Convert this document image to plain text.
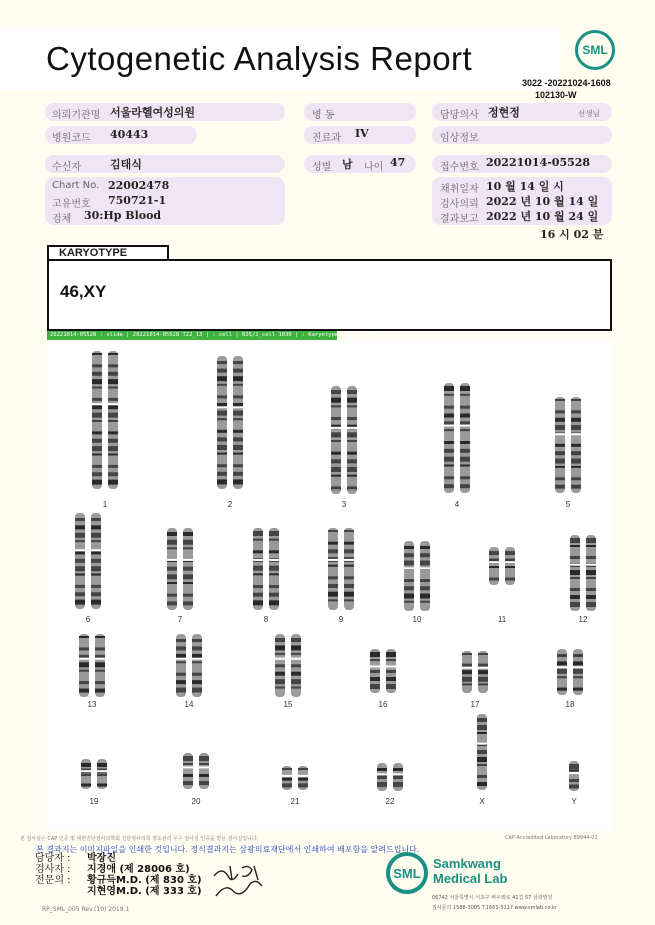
Cytogenetic Analysis Report	SML
3022 -20221024-1608
102130-W
의뢰기관명 서울라헬여성의원
병원코드 40443
수신자	김태식
Chart No. 22002478
고유번호 750721-1
검체 30:Hp Blood
병 동
진료과 IV
성별 남 나이 47
담당의사 정현정	선생님
임상정보
접수번호 20221014-05528
채취일자 10 월 14 일 시
검사의뢰 2022 년 10 월 14 일
결과보고 2022 년 10 월 24 일
16 시 02 분
KARYOTYPE
46,XY
20221014-05528 : slide | 20221014-05528 T22_13 | : cell | N35/2_cell 1030 | : Karyotype (1232 x 912)
1	2	3	4	5
6	7	8	9	10	11	12
13	14	15	16	17	18
19	20	21	22	X	Y
본 검사실은 CAP 인증 및 대한진단검사의학회 진단검사의학 정도관리 우수 검사실 인증을 받은 검사실입니다.	CAP Accredited Laboratory 89944-01
본 결과지는 이미지파일을 인쇄한 것입니다. 정식결과지는 삼광의료재단에서 인쇄하여 배포함을 알려드립니다.
담당자 :
검사자 :
전문의 :
박장진
지경애 (제 28006 호)
황규득M.D. (제 830 호)
지현영M.D. (제 333 호)
SML
Samkwang
Medical Lab
06742 서울특별시 서초구 바우뫼로 41길 57 삼광빌딩
검사문의 1588-3005 T.1661-5117 www.smlab.co.kr
RP_SML_005 Rev.(10) 2019.1
